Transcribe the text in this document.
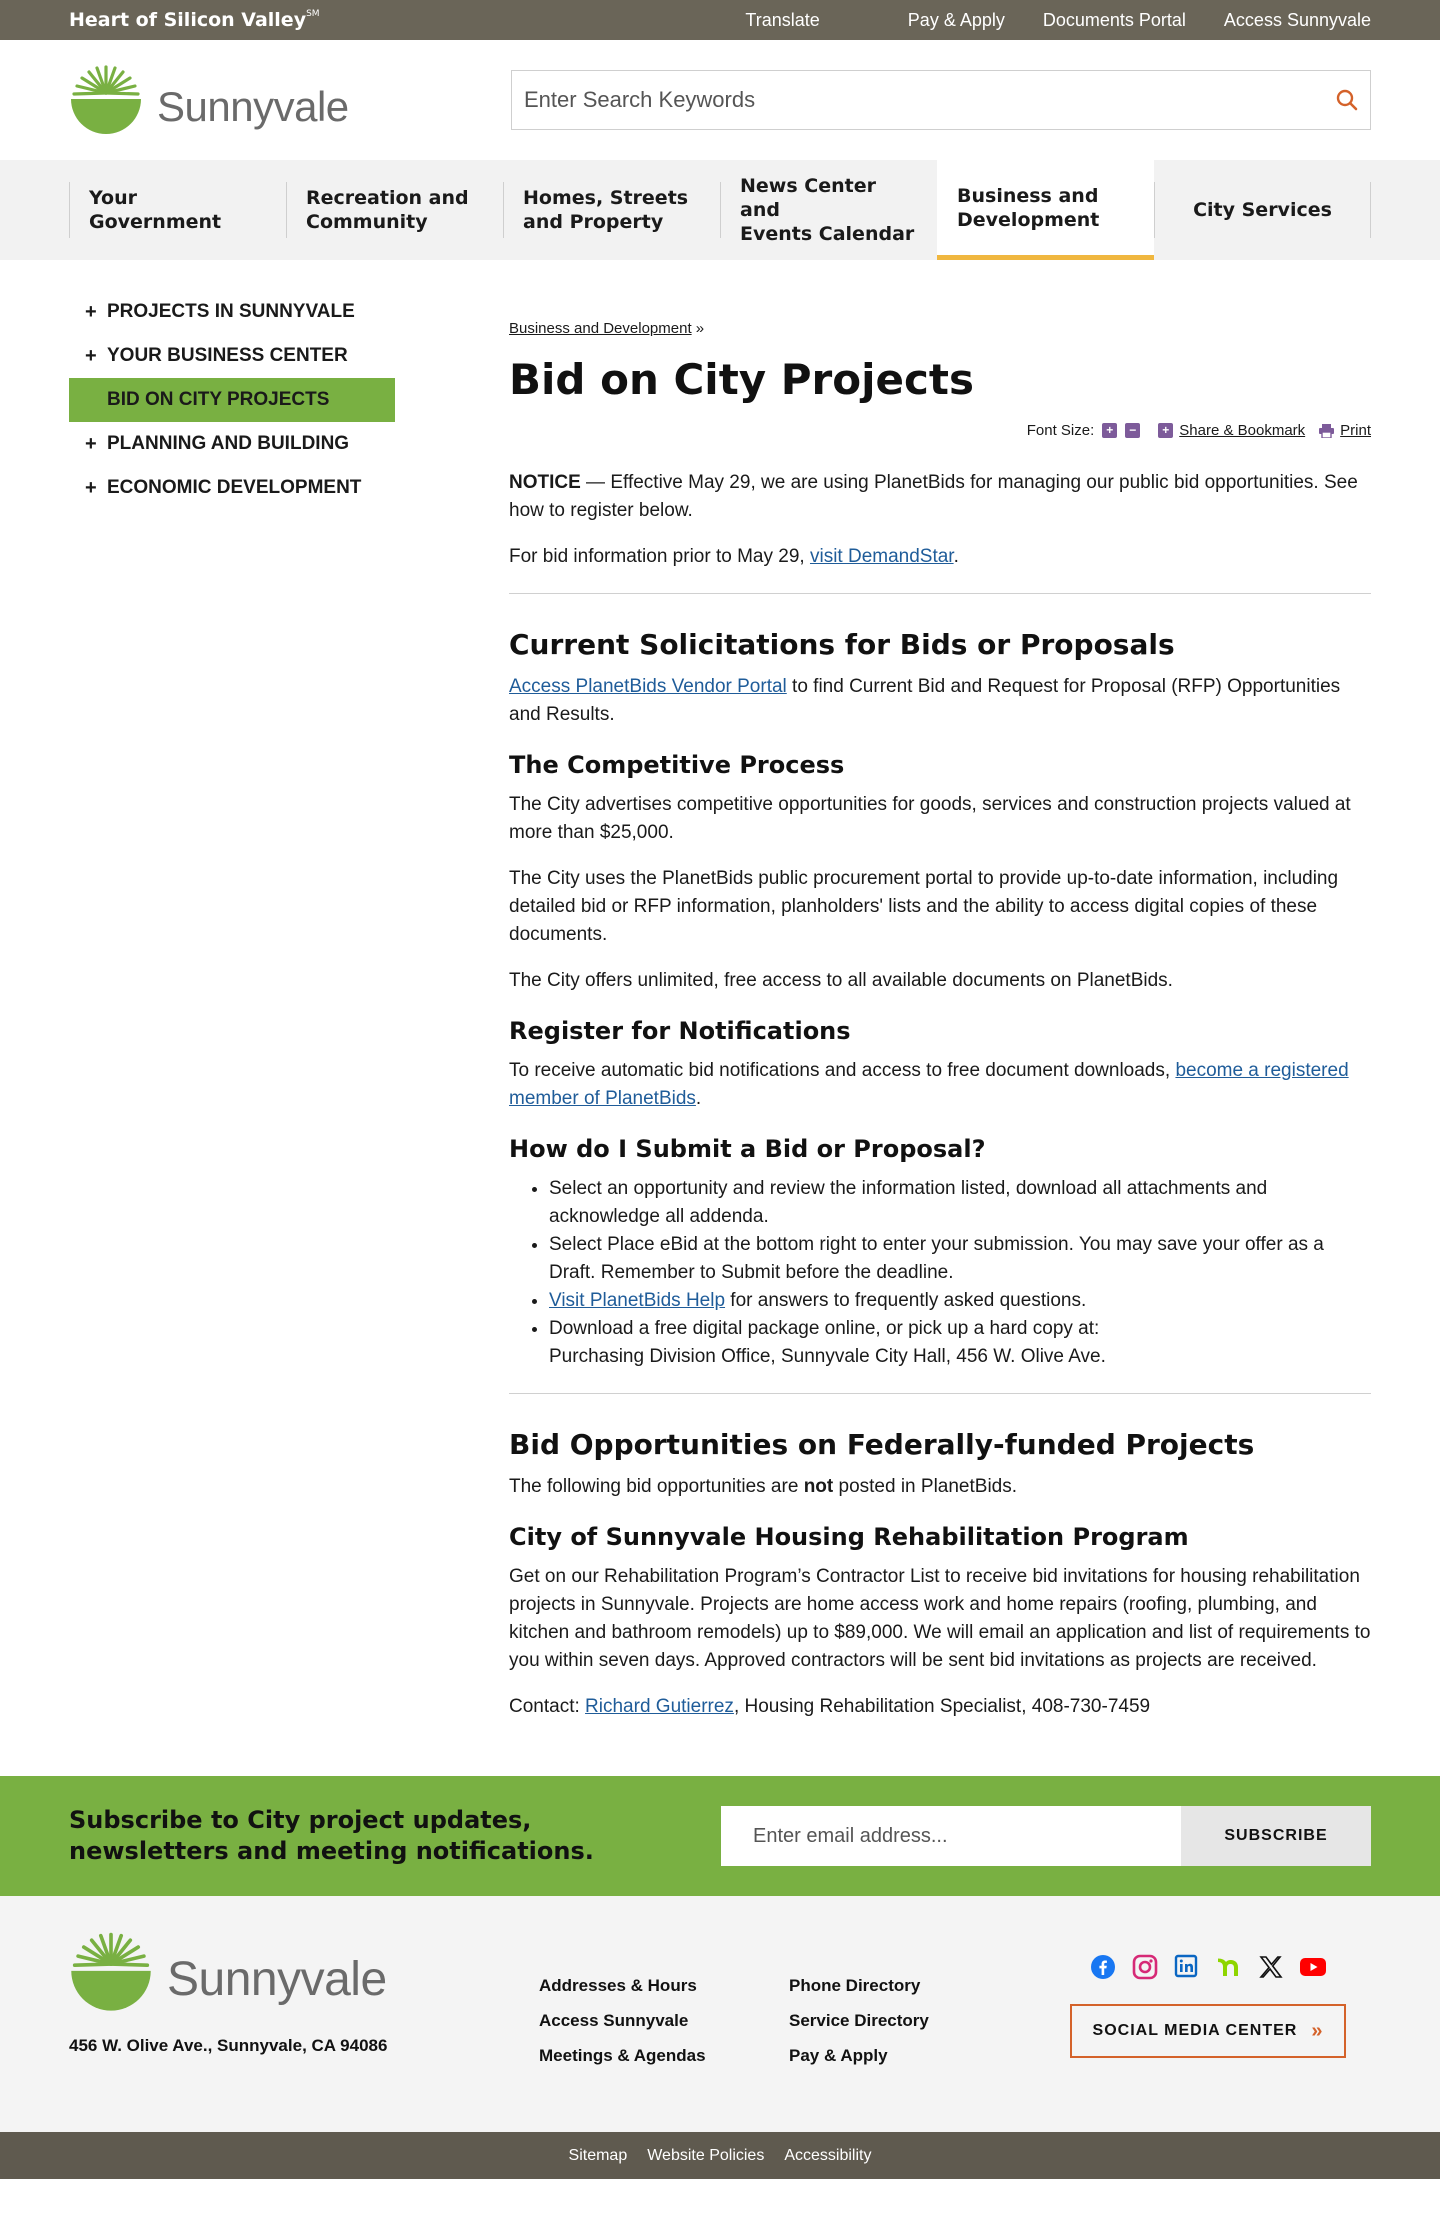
Heart of Silicon Valley℠	Translate	Pay & Apply Documents Portal Access Sunnyvale
Sunnyvale
Enter Search Keywords
Your Government
Recreation and
Community
Homes, Streets
and Property
News Center and
Events Calendar
Business and
Development	City Services
+ PROJECTS IN SUNNYVALE
+ YOUR BUSINESS CENTER
BID ON CITY PROJECTS
+ PLANNING AND BUILDING
+ ECONOMIC DEVELOPMENT
Business and Development »
Bid on City Projects
Font Size: +	−	+ Share & Bookmark Print

NOTICE — Effective May 29, we are using PlanetBids for managing our public bid opportunities. See how to register below.

For bid information prior to May 29, visit DemandStar.

Current Solicitations for Bids or Proposals

Access PlanetBids Vendor Portal to find Current Bid and Request for Proposal (RFP) Opportunities and Results.

The Competitive Process

The City advertises competitive opportunities for goods, services and construction projects valued at more than $25,000.

The City uses the PlanetBids public procurement portal to provide up-to-date information, including detailed bid or RFP information, planholders' lists and the ability to access digital copies of these documents.

The City offers unlimited, free access to all available documents on PlanetBids.

Register for Notifications

To receive automatic bid notifications and access to free document downloads, become a registered member of PlanetBids.

How do I Submit a Bid or Proposal?
• Select an opportunity and review the information listed, download all attachments and acknowledge all addenda.
• Select Place eBid at the bottom right to enter your submission. You may save your offer as a Draft. Remember to Submit before the deadline.
• Visit PlanetBids Help for answers to frequently asked questions.
• Download a free digital package online, or pick up a hard copy at:
Purchasing Division Office, Sunnyvale City Hall, 456 W. Olive Ave.
Bid Opportunities on Federally-funded Projects

The following bid opportunities are not posted in PlanetBids.

City of Sunnyvale Housing Rehabilitation Program

Get on our Rehabilitation Program’s Contractor List to receive bid invitations for housing rehabilitation projects in Sunnyvale. Projects are home access work and home repairs (roofing, plumbing, and kitchen and bathroom remodels) up to $89,000. We will email an application and list of requirements to you within seven days. Approved contractors will be sent bid invitations as projects are received.

Contact: Richard Gutierrez, Housing Rehabilitation Specialist, 408-730-7459

Subscribe to City project updates,
newsletters and meeting notifications.
Enter email address...
SUBSCRIBE
Sunnyvale
456 W. Olive Ave., Sunnyvale, CA 94086
Addresses & Hours
Access Sunnyvale
Meetings & Agendas
Phone Directory
Service Directory
Pay & Apply
SOCIAL MEDIA CENTER »
Sitemap Website Policies Accessibility
